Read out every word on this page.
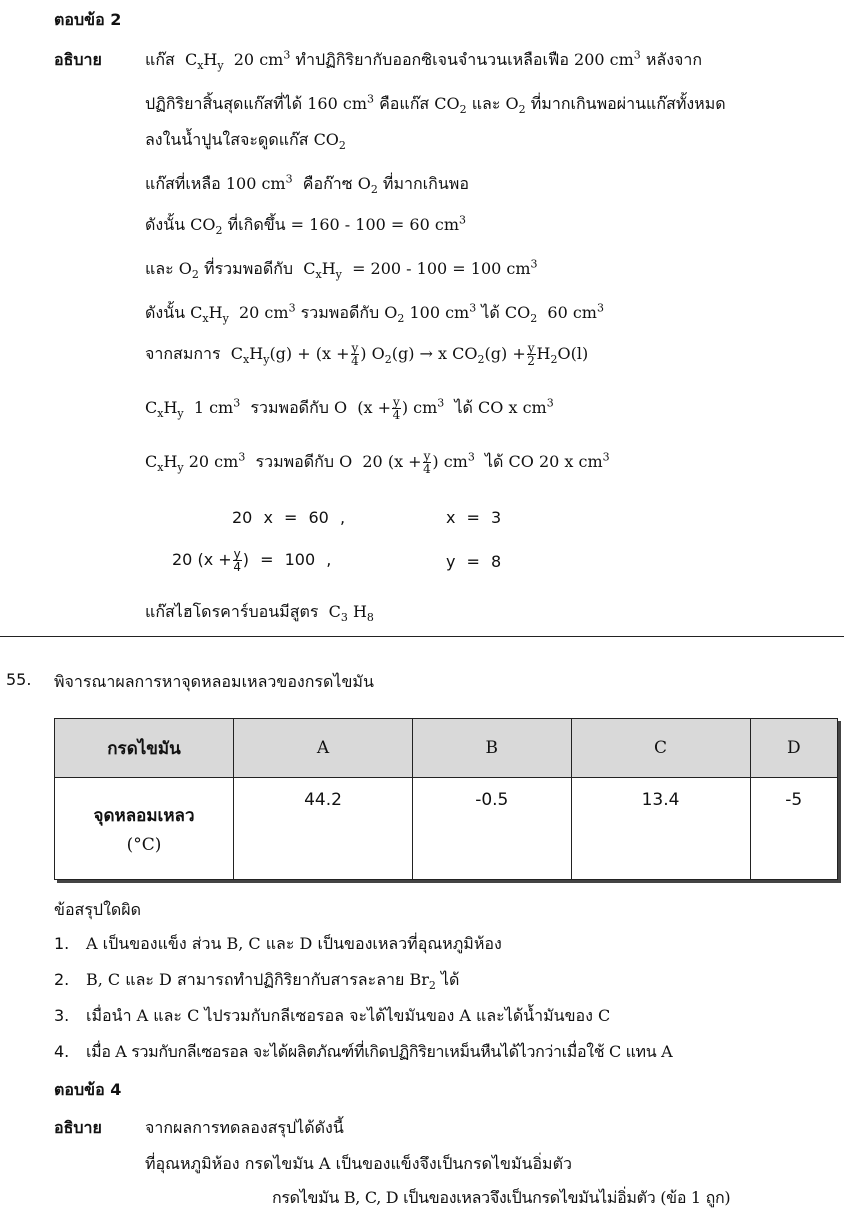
ตอบข้อ 2
อธิบาย	แก๊ส $C_xH_y$ 20 $cm^3$ ทำปฏิกิริยากับออกซิเจนจำนวนเหลือเฟือ 200 $cm^3$ หลังจาก
ปฏิกิริยาสิ้นสุดแก๊สที่ได้ 160 $cm^3$ คือแก๊ส $CO_2$ และ $O_2$ ที่มากเกินพอผ่านแก๊สทั้งหมด
ลงในน้ำปูนใสจะดูดแก๊ส $CO_2$
แก๊สที่เหลือ 100 $cm^3$ คือก๊าซ $O_2$ ที่มากเกินพอ
ดังนั้น $CO_2$ ที่เกิดขึ้น = 160 - 100 = 60 $cm^3$
และ $O_2$ ที่รวมพอดีกับ $C_xH_y = 200 - 100 = 100$ $cm^3$
ดังนั้น $C_xH_y$ 20 $cm^3$ รวมพอดีกับ $O_2$ 100 $cm^3$ ได้ $CO_2$ 60 $cm^3$
จากสมการ $C_xH_y(g) + (x + \frac{y}{4}$ ) $O_2(g) \to x$ $CO_2(g) + \frac{y}{2} H_2O(l)$
$C_xH_y$ 1 $cm^3$ รวมพอดีกับ O ($x + \frac{y}{4}$ ) $cm^3$ ได้ CO x $cm^3$
$C_xH_y$ 20 $cm^3$ รวมพอดีกับ O 20 ($x + \frac{y}{4}$ ) $cm^3$ ได้ CO 20 x $cm^3$
20 x = 60 ,	x = 3
20 ($x + \frac{y}{4}$ ) = 100 ,	y = 8
แก๊สไฮโดรคาร์บอนมีสูตร $C_3$ $H_8$
55. พิจารณาผลการหาจุดหลอมเหลวของกรดไขมัน
กรดไขมัน	A	B	C	D

จุดหลอมเหลว
(°C)	44.2	-0.5	13.4	-5
ข้อสรุปใดผิด
1. A เป็นของแข็ง ส่วน B, C และ D เป็นของเหลวที่อุณหภูมิห้อง
2. B, C และ D สามารถทำปฏิกิริยากับสารละลาย $Br_2$ ได้
3. เมื่อนำ A และ C ไปรวมกับกลีเซอรอล จะได้ไขมันของ A และได้น้ำมันของ C
4. เมื่อ A รวมกับกลีเซอรอล จะได้ผลิตภัณฑ์ที่เกิดปฏิกิริยาเหม็นหืนได้ไวกว่าเมื่อใช้ C แทน A
ตอบข้อ 4
อธิบาย	จากผลการทดลองสรุปได้ดังนี้
ที่อุณหภูมิห้อง กรดไขมัน A เป็นของแข็งจึงเป็นกรดไขมันอิ่มตัว
กรดไขมัน B, C, D เป็นของเหลวจึงเป็นกรดไขมันไม่อิ่มตัว (ข้อ 1 ถูก)
